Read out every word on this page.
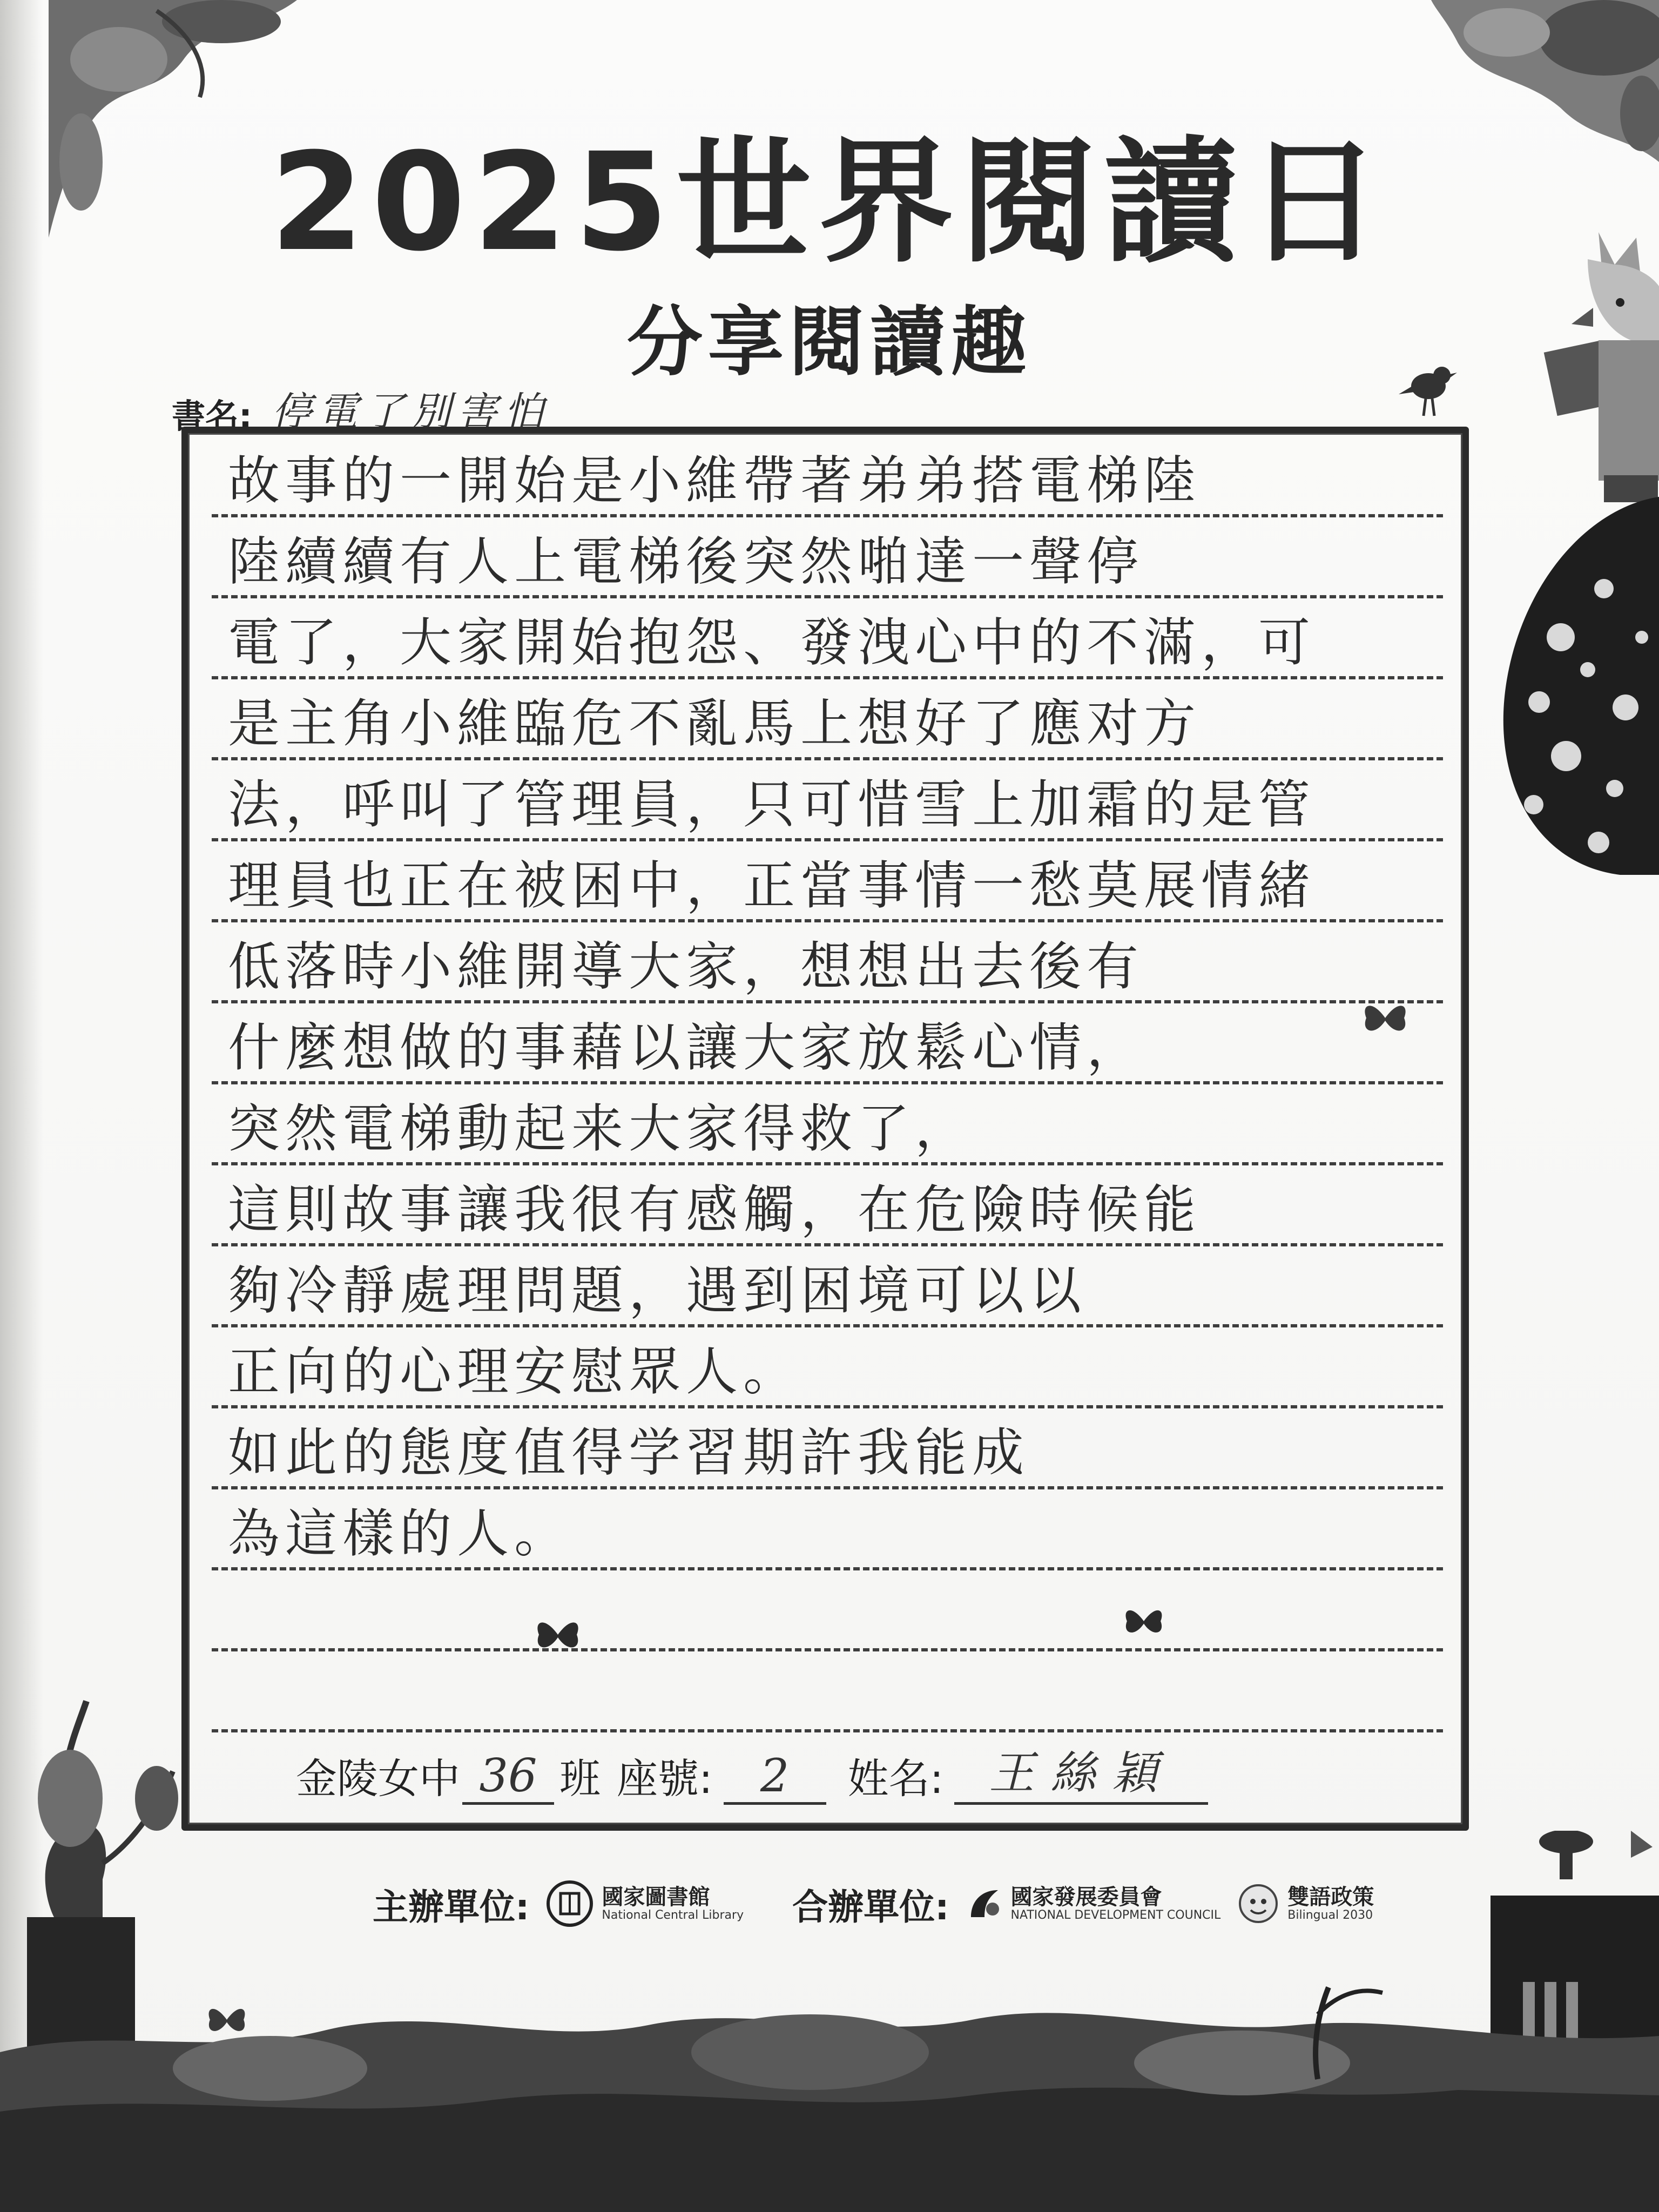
2025世界閱讀日
分享閱讀趣
書名: 停電了別害怕
故事的一開始是小維帶著弟弟搭電梯陸
陸續續有人上電梯後突然啪達一聲停
電了，大家開始抱怨、發洩心中的不滿，可
是主角小維臨危不亂馬上想好了應对方
法，呼叫了管理員，只可惜雪上加霜的是管
理員也正在被困中，正當事情一愁莫展情緒
低落時小維開導大家，想想出去後有
什麼想做的事藉以讓大家放鬆心情，
突然電梯動起来大家得救了，
這則故事讓我很有感觸，在危險時候能
夠冷靜處理問題，遇到困境可以以
正向的心理安慰眾人。
如此的態度值得学習期許我能成
為這樣的人。
金陵女中 36 班 座號:	2	姓名: 王絲穎
主辦單位:	國家圖書館
National Central Library 合辦單位:	國家發展委員會
NATIONAL DEVELOPMENT COUNCIL
雙語政策
Bilingual 2030
